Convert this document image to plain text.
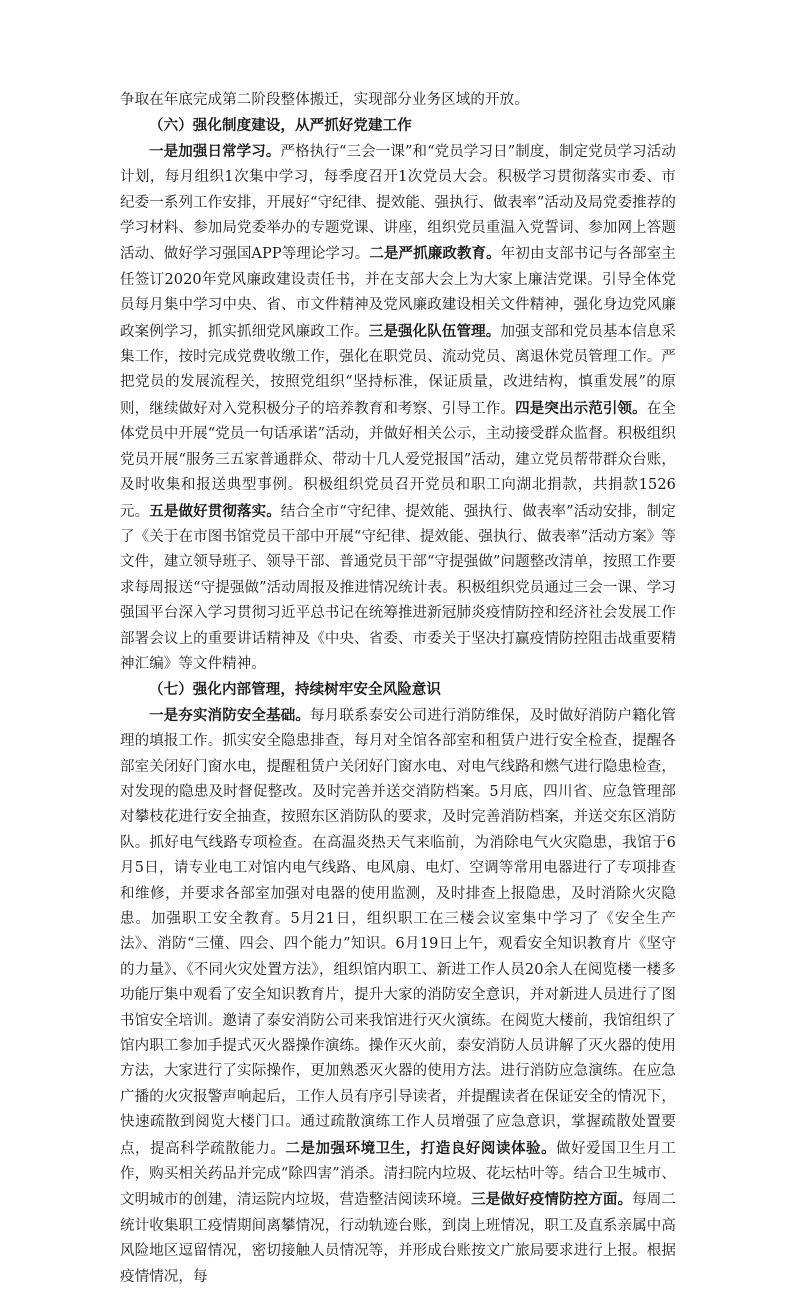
争取在年底完成第二阶段整体搬迁，实现部分业务区域的开放。

（六）强化制度建设，从严抓好党建工作

一是加强日常学习。严格执行“三会一课”和“党员学习日”制度，制定党员学习活动计划，每月组织1次集中学习，每季度召开1次党员大会。积极学习贯彻落实市委、市纪委一系列工作安排，开展好“守纪律、提效能、强执行、做表率”活动及局党委推荐的学习材料、参加局党委举办的专题党课、讲座，组织党员重温入党誓词、参加网上答题活动、做好学习强国APP等理论学习。二是严抓廉政教育。年初由支部书记与各部室主任签订2020年党风廉政建设责任书，并在支部大会上为大家上廉洁党课。引导全体党员每月集中学习中央、省、市文件精神及党风廉政建设相关文件精神，强化身边党风廉政案例学习，抓实抓细党风廉政工作。三是强化队伍管理。加强支部和党员基本信息采集工作，按时完成党费收缴工作，强化在职党员、流动党员、离退休党员管理工作。严把党员的发展流程关，按照党组织“坚持标准，保证质量，改进结构，慎重发展”的原则，继续做好对入党积极分子的培养教育和考察、引导工作。四是突出示范引领。在全体党员中开展“党员一句话承诺”活动，并做好相关公示，主动接受群众监督。积极组织党员开展“服务三五家普通群众、带动十几人爱党报国”活动，建立党员帮带群众台账，及时收集和报送典型事例。积极组织党员召开党员和职工向湖北捐款，共捐款1526元。五是做好贯彻落实。结合全市“守纪律、提效能、强执行、做表率”活动安排，制定了《关于在市图书馆党员干部中开展“守纪律、提效能、强执行、做表率”活动方案》等文件，建立领导班子、领导干部、普通党员干部“守提强做”问题整改清单，按照工作要求每周报送“守提强做”活动周报及推进情况统计表。积极组织党员通过三会一课、学习强国平台深入学习贯彻习近平总书记在统筹推进新冠肺炎疫情防控和经济社会发展工作部署会议上的重要讲话精神及《中央、省委、市委关于坚决打赢疫情防控阻击战重要精神汇编》等文件精神。

（七）强化内部管理，持续树牢安全风险意识

一是夯实消防安全基础。每月联系泰安公司进行消防维保，及时做好消防户籍化管理的填报工作。抓实安全隐患排查，每月对全馆各部室和租赁户进行安全检查，提醒各部室关闭好门窗水电，提醒租赁户关闭好门窗水电、对电气线路和燃气进行隐患检查，对发现的隐患及时督促整改。及时完善并送交消防档案。5月底，四川省、应急管理部对攀枝花进行安全抽查，按照东区消防队的要求，及时完善消防档案，并送交东区消防队。抓好电气线路专项检查。在高温炎热天气来临前，为消除电气火灾隐患，我馆于6月5日，请专业电工对馆内电气线路、电风扇、电灯、空调等常用电器进行了专项排查和维修，并要求各部室加强对电器的使用监测，及时排查上报隐患，及时消除火灾隐患。加强职工安全教育。5月21日，组织职工在三楼会议室集中学习了《安全生产法》、消防“三懂、四会、四个能力”知识。6月19日上午，观看安全知识教育片《坚守的力量》、《不同火灾处置方法》，组织馆内职工、新进工作人员20余人在阅览楼一楼多功能厅集中观看了安全知识教育片，提升大家的消防安全意识，并对新进人员进行了图书馆安全培训。邀请了泰安消防公司来我馆进行灭火演练。在阅览大楼前，我馆组织了馆内职工参加手提式灭火器操作演练。操作灭火前，泰安消防人员讲解了灭火器的使用方法，大家进行了实际操作，更加熟悉灭火器的使用方法。进行消防应急演练。在应急广播的火灾报警声响起后，工作人员有序引导读者，并提醒读者在保证安全的情况下，快速疏散到阅览大楼门口。通过疏散演练工作人员增强了应急意识，掌握疏散处置要点，提高科学疏散能力。二是加强环境卫生，打造良好阅读体验。做好爱国卫生月工作，购买相关药品并完成“除四害”消杀。清扫院内垃圾、花坛枯叶等。结合卫生城市、文明城市的创建，清运院内垃圾，营造整洁阅读环境。三是做好疫情防控方面。每周二统计收集职工疫情期间离攀情况，行动轨迹台账，到岗上班情况，职工及直系亲属中高风险地区逗留情况，密切接触人员情况等，并形成台账按文广旅局要求进行上报。根据疫情情况，每
